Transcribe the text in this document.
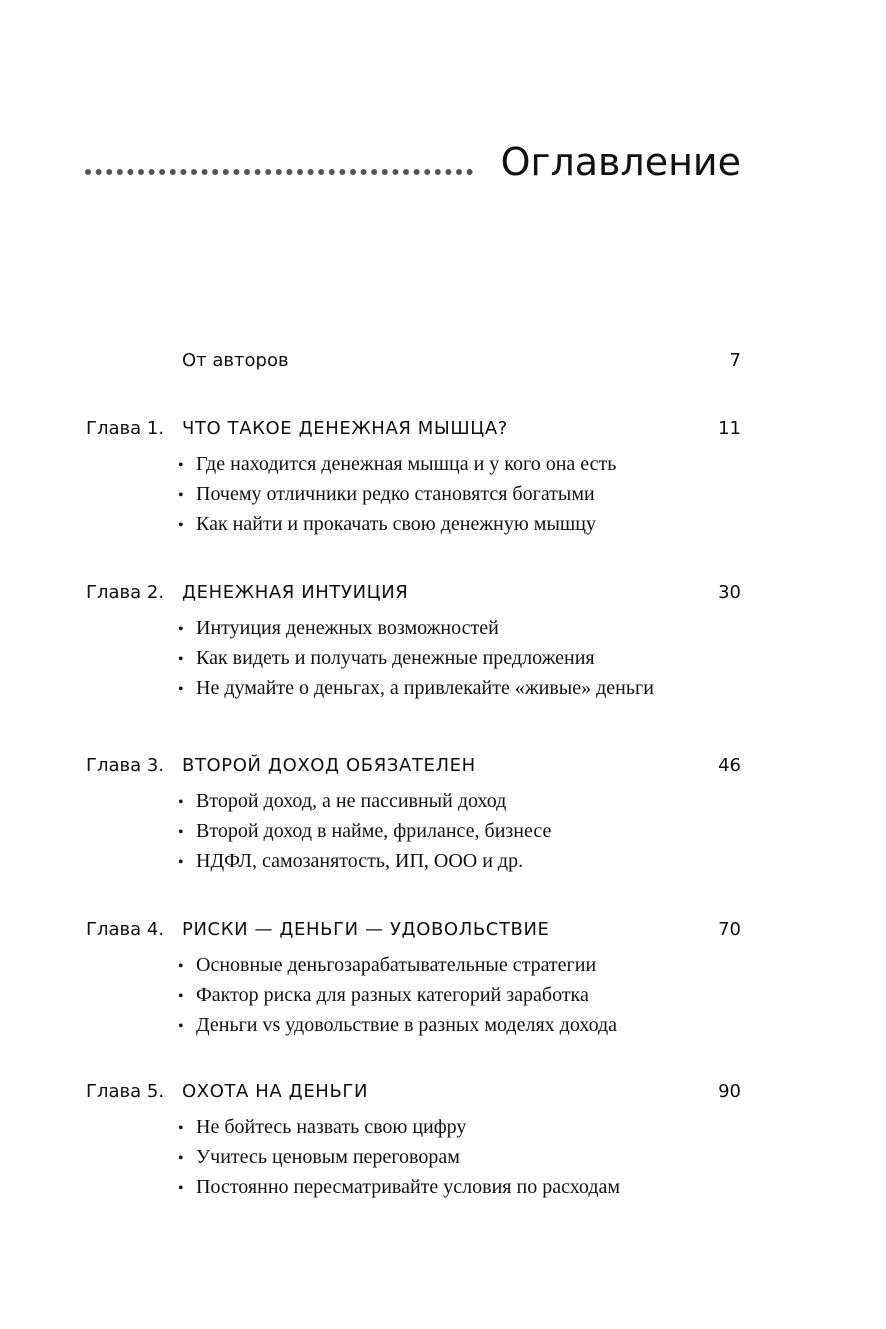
Оглавление
От авторов	7
Глава 1. ЧТО ТАКОЕ ДЕНЕЖНАЯ МЫШЦА?	11
• Где находится денежная мышца и у кого она есть
• Почему отличники редко становятся богатыми
• Как найти и прокачать свою денежную мышцу
Глава 2. ДЕНЕЖНАЯ ИНТУИЦИЯ	30
• Интуиция денежных возможностей
• Как видеть и получать денежные предложения
• Не думайте о деньгах, а привлекайте «живые» деньги
Глава 3. ВТОРОЙ ДОХОД ОБЯЗАТЕЛЕН	46
• Второй доход, а не пассивный доход
• Второй доход в найме, фрилансе, бизнесе
• НДФЛ, самозанятость, ИП, ООО и др.
Глава 4. РИСКИ — ДЕНЬГИ — УДОВОЛЬСТВИЕ	70
• Основные деньгозарабатывательные стратегии
• Фактор риска для разных категорий заработка
• Деньги vs удовольствие в разных моделях дохода
Глава 5. ОХОТА НА ДЕНЬГИ	90
• Не бойтесь назвать свою цифру
• Учитесь ценовым переговорам
• Постоянно пересматривайте условия по расходам
